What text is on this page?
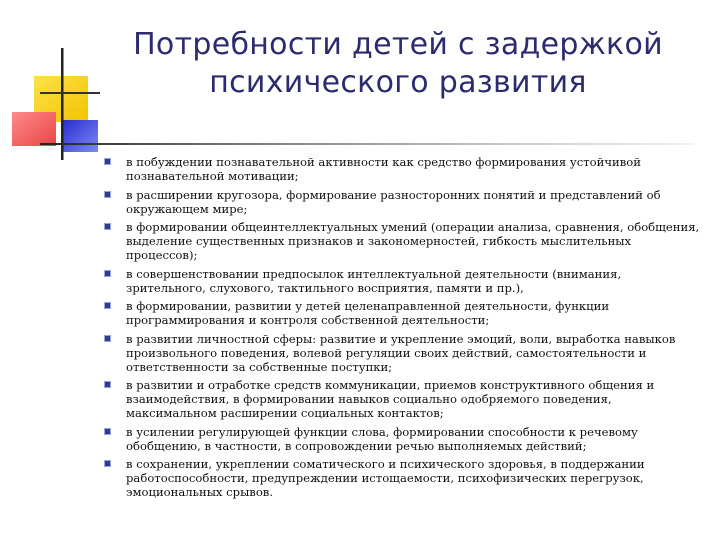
Потребности детей с задержкой
психического развития
в побуждении познавательной активности как средство формирования устойчивой познавательной мотивации;
в расширении кругозора, формирование разносторонних понятий и представлений об окружающем мире;
в формировании общеинтеллектуальных умений (операции анализа, сравнения, обобщения, выделение существенных признаков и закономерностей, гибкость мыслительных процессов);
в совершенствовании предпосылок интеллектуальной деятельности (внимания, зрительного, слухового, тактильного восприятия, памяти и пр.),
в формировании, развитии у детей целенаправленной деятельности, функции программирования и контроля собственной деятельности;
в развитии личностной сферы: развитие и укрепление эмоций, воли, выработка навыков произвольного поведения, волевой регуляции своих действий, самостоятельности и ответственности за собственные поступки;
в развитии и отработке средств коммуникации, приемов конструктивного общения и взаимодействия, в формировании навыков социально одобряемого поведения, максимальном расширении социальных контактов;
в усилении регулирующей функции слова, формировании способности к речевому обобщению, в частности, в сопровождении речью выполняемых действий;
в сохранении, укреплении соматического и психического здоровья, в поддержании работоспособности, предупреждении истощаемости, психофизических перегрузок, эмоциональных срывов.
